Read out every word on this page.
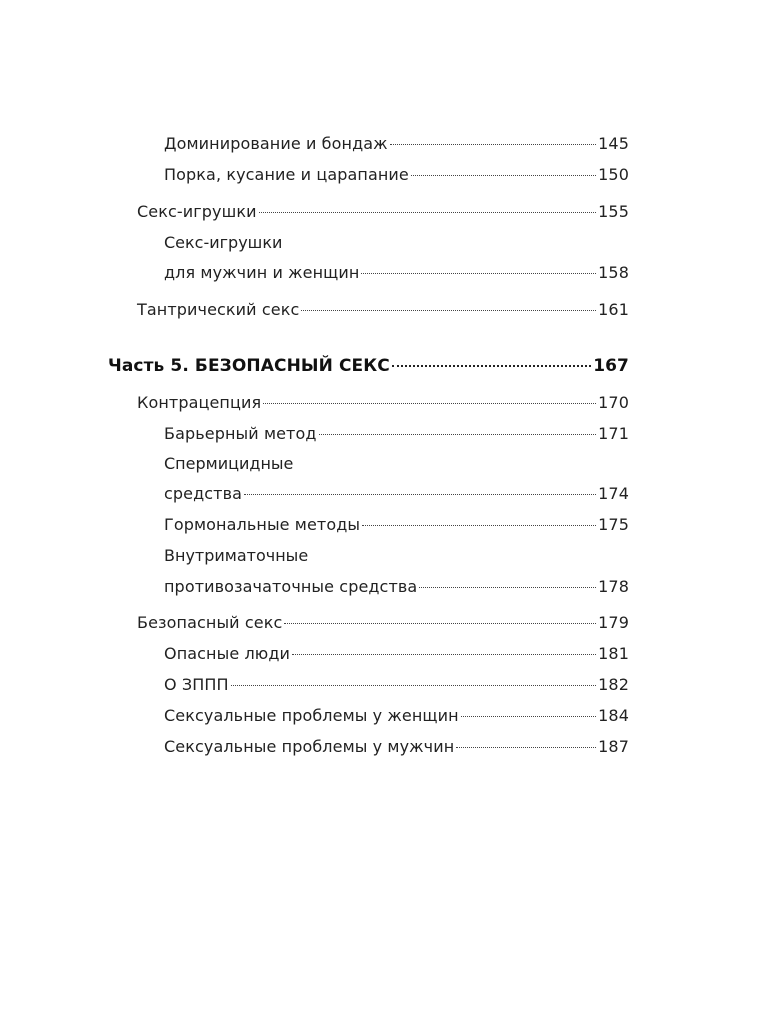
Доминирование и бондаж	145
Порка, кусание и царапание	150
Секс-игрушки	155
Секс-игрушки
для мужчин и женщин	158
Тантрический секс	161
Часть 5. БЕЗОПАСНЫЙ СЕКС	167
Контрацепция	170
Барьерный метод	171
Спермицидные
средства	174
Гормональные методы	175
Внутриматочные
противозачаточные средства	178
Безопасный секс	179
Опасные люди	181
О ЗППП	182
Сексуальные проблемы у женщин	184
Сексуальные проблемы у мужчин	187
